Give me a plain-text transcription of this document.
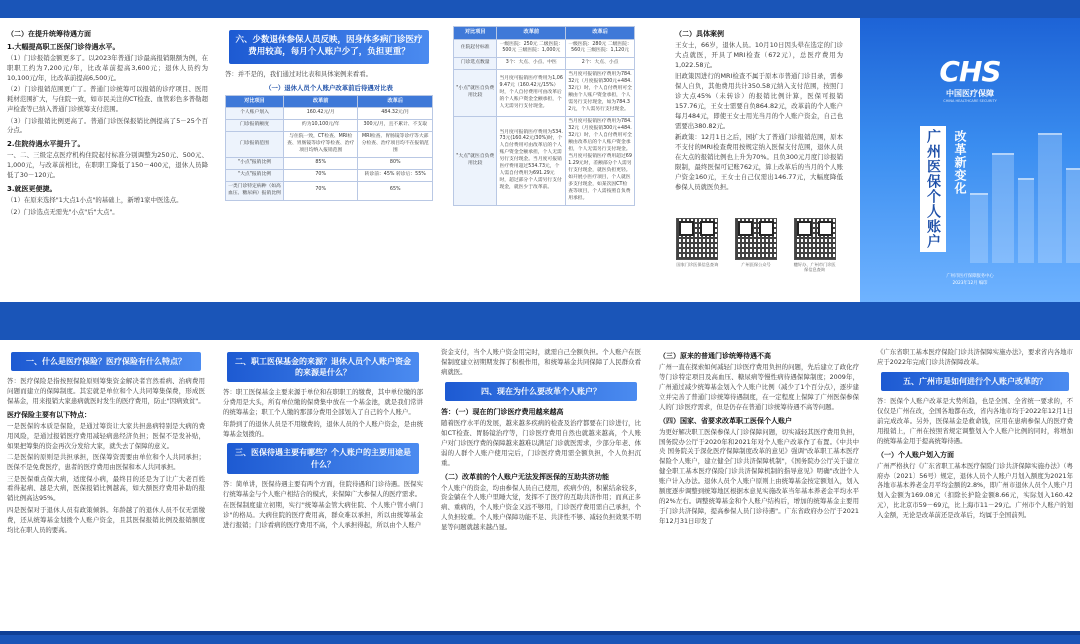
（二）在提升统筹待遇方面
1.大幅提高职工医保门诊待遇水平。
（1）门诊报销金额更多了。以2023年普通门诊最高报销限额为例，在职职工约为7,200元/年，比改革前提高3,600元；退休人员约为10,100元/年，比改革前提高6,500元。
（2）门诊报销范围更广了。普通门诊统筹可以报销的诊疗项目、医用耗材范围扩大，与住院一致，如市民关注的CT检查、血管彩色多普勒超声检查等已纳入普通门诊统筹支付范围。
（3）门诊报销比例更高了。普通门诊医保报销比例提高了5－25个百分点。
2.住院待遇水平提升了。
一、二、三级定点医疗机构住院起付标准分别调整为250元、500元、1,000元，与改革前相比，在职职工降低了150－400元，退休人员降低了30－120元。
3.就医更便捷。
（1）在原来选择"1大点1小点"的基础上，新增1家中医选点。
（2）门诊选点无需先"小点"后"大点"。
六、少数退休参保人员反映，因身体多病门诊医疗费用较高，每月个人账户少了，负担更重？
答：并不是的，我们通过对比表和具体案例来看看。
（一）退休人员个人账户改革前后待遇对比表
对比项目	改革前	改革后
个人账户划入	160.42元/月	484.32元/月
门诊报销额度	约为10,100元/年	300元/月，且不累计、不支取
门诊报销范围	与住院一致，CT检查、MRI检查、胃肠镜等诊疗等检查、治疗项目均纳入报销范围	MRI检查、胃肠镜等诊疗等大部分检查、治疗项目均不在报销范围
"小点"报销比例	85%	80%
"大点"报销比例	70%	转诊前：45% 转诊后：55%
一类门诊特定病种（如高血压、糖尿病）报销比例	70%	65%
对比项目	改革前	改革后
住院起付标准	一级医院：250元 二级医院：500元 三级医院：1,000元	一级医院：280元 二级医院：560元 三级医院：1,120元
门诊选点数量	3个：大点、小点、中医	2个：大点、小点
"小点"就医自负费用比较	当月度可报销医疗费用为1,069.47元（160.42元/15%）时，个人自付费用可由改革后的个人账户资金全额承担，个人无需另行支付现金。	当月度可报销医疗费用为784.32元（月度报销300元+484.32元）时，个人自付费用可全额由个人账户资金承担，个人需另行支付现金，如为784.32元，个人需另行支付现金。
"大点"就医自负费用比较	当月度可报销医疗费用为534.73元(160.42元/30%)时，个人自付费用可由改革后的个人账户资金全额承担，个人无需另行支付现金。当月度可报销医疗费用超过534.73元，个人需自付费用为691.29元时，超过部分个人需另行支付现金，就医少于改革前。	当月度可报销医疗费用为784.32元（月度报销300元+484.32元）时，个人自付费用可全额由改革后的个人账户资金承担，个人无需另行支付现金。当月度可报销医疗费用超过691.29元时，差额部分个人需另行支付现金，就医负担更轻。如开展小医疗项目，个人就医多支付现金，如某次因CT检查等项目，个人需按照自负费用承担。
（二）具体案例
王女士，66岁，退休人员。10月10日因头晕在选定的门诊大点就医，开具了MRI检查（672元），总医疗费用为1,022.58元。
旧政策因进行的MRI检查不属于原本市普通门诊目录，需参保人自负，其他费用共计350.58元纳入支付范围，按照门诊大点45%（未转诊）的报销比例计算，医保可报销157.76元，王女士需要自负864.82元，改革前的个人账户每月484元，即使王女士用光当月的个人账户资金，自己也需要出380.82元。
新政策：12月1日之后，园扩大了普通门诊报销范围，原本不支付的MRI检查费用按规定纳入医保支付范围，退休人员在大点的报销比例也上升为70%。且负300元月度门诊报销限制，最终医保可记账762元，算上改革后的当月的个人账户资金160元，王女士自己仅需出146.77元，大幅度降低参保人员就医负担。
国家门诊医保信息查询	广州医保公众号	穗好办、广州市门诊医保信息查询
CHS
中国医疗保障
CHINA HEALTHCARE SECURITY
广州医保个人账户	改革新变化
广州市医疗保障服务中心
2023年12月 编印
一、什么是医疗保险？医疗保险有什么特点？
答：医疗保险是指按照保险原则筹集资金解决者宫然看病、治病费用问题而建立的保障制度。其宏就是单位和个人共同筹集保费，形成医保基金，用来报销大家患病就医时发生的医疗费用，防止"因病致贫"。
医疗保险主要有以下特点：
一是医保的本质是保险，是通过筹资让大家共担患病特别是大病的费用风险，是通过报销医疗费用减轻病患经济负担；医保不是发补贴，如果把筹集的资金再次分发给大家，就失去了保障的意义。
二是医保的原则是共担承担，医保筹资需要由单位和个人共同承担；医保不是免费医疗，患者的医疗费用由医保和本人共同承担。
三是医保重点保大病，适度保小病，最终目的还是为了让广大老百姓看得起病、越是大病，医保报销比例越高，如大额医疗费用补助的报销比例高达95%。
四是医保对于退休人员有政策倾斜。年龄越了的退休人员不仅无需缴费，还从统筹基金划拨个人账户资金，且其医保报销比例及报销额度均比在职人员的要高。
二、职工医保基金的来源？退休人员个人账户资金的来源是什么？
答：职工医保基金主要来源于单位和在职职工的缴费，其中单位缴的部分费用是大头，所有单位缴的保费集中放在一个基金池，就是我们常讲的统筹基金；职工个人缴的那部分费用全部划入了自己的个人账户。
年龄到了的退休人员是不用缴费的，退休人员的个人账户资金，是由统筹基金划拨的。
三、医保待遇主要有哪些？个人账户的主要用途是什么？
答：简单讲，医保待遇主要有两个方面，住院待遇和门诊待遇。医保实行统筹基金与个人账户相结合的模式，来保障广大参保人的医疗需求。
在医保制度建立初期，实行"统筹基金管大病住院、个人账户管小病门诊"的格局。大病住院的医疗费用高，群众难以承担，所以由统筹基金进行报销；门诊看病的医疗费用不高，个人承担得起，所以由个人账户
资金支付，当个人账户资金用完时，就需自己全额负担。个人账户在医保制度建立初期期发挥了积极作用，和统筹基金共同保障了人民群众看病就医。
四、现在为什么要改革个人账户？
答：（一）现在的门诊医疗费用越来越高
随着医疗水平的发展，越来越多疾病的检查及治疗都要在门诊进行，比如CT检查、胃肠镜治疗等，门诊医疗费用自然也就越来越高，个人账户对门诊医疗费的保障越来越难以满足门诊就医需求，少部分年老、体弱的人群个人账户使用完后，门诊医疗费用需全额负担，个人负担沉重。
（二）改革前的个人账户无法发挥医保的互助共济功能
个人账户的资金，均由参保人员自己使用，疾病少的，积累结余较多，资金躺在个人账户里睡大觉，发挥不了医疗的互助共济作用；而真正多病、重病的，个人账户资金又远不够用，门诊医疗费用需自己承担，个人负担较重。个人账户保障功能不足、共济性不够、减轻负担效果不明显等问题就越来越凸显。
（三）原来的普通门诊统筹待遇不高
广州一直在探索如何减轻门诊医疗费用负担的问题，先后建立了政化疗等门诊特定项目及高血压、糖尿病等慢性病待遇保障制度；2009年，广州通过减少统筹基金划入个人账户比例（减少了1个百分点），逐步建立并完善了普通门诊统筹待遇制度，在一定程度上保障了广州医保参保人的门诊医疗需求，但是仍存在普通门诊统筹待遇不高等问题。
（四）国家、省要求改革职工医保个人账户
为更好解决职工医保参保人门诊保障问题，切实减轻其医疗费用负担，国务院办公厅于2020年和2021年对个人账户改革作了布置。《中共中央 国务院关于深化医疗保障制度改革的意见》强调"改革职工基本医疗保险个人账户，建立健全门诊共济保障机制"，《国务院办公厅关于建立健全职工基本医疗保险门诊共济保障机制的指导意见》明确"改进个人账户计入办法。退休人员个人账户原则上由统筹基金按定额划入，划入额度逐步调整到统筹地区根据本意见实施改革当年基本养老金平均水平的2%左右。调整统筹基金和个人账户结构后，增加的统筹基金主要用于门诊共济保障，提高参保人员门诊待遇"。广东省政府办公厅于2021年12月31日印发了
《广东省职工基本医疗保险门诊共济保障实施办法》，要求省内各地市应于2022年完成门诊共济保障改革。
五、广州市是如何进行个人账户改革的？
答：医保个人账户改革是大势所趋，也是全国、全省统一要求的，不仅仅是广州在改，全国各地都在改，省内各地市均于2022年12月1日前完成改革。另外，医保基金是救命钱，应用在患病参保人的医疗费用报销上，广州在按照省规定调整划入个人账户比例的同时，将增加的统筹基金用于提高统筹待遇。
（一）个人账户划入方面
广州严格执行《广东省职工基本医疗保险门诊共济保障实施办法》（粤府办〔2021〕56号）规定，退休人员个人账户月划入额度为2021年各地市基本养老金月平均金额的2.8%，即广州市退休人员个人账户月划入金额为169.08元（扣除长护险金额8.66元，实际划入160.42元），比北京市59－69元，比上海市11－29元。广州市个人账户的划入金额，无论是改革前还是改革后，均属于全国前列。
